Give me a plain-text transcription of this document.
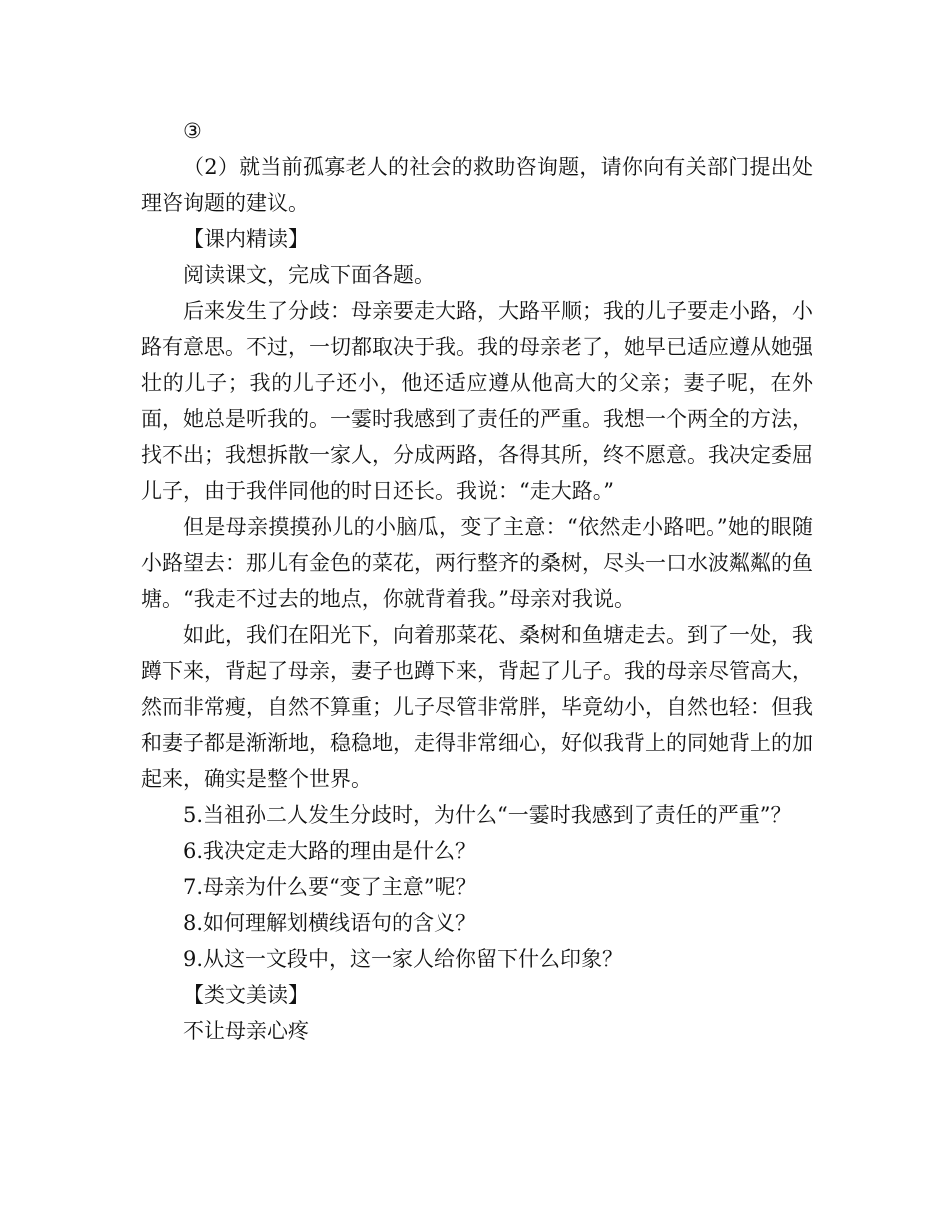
③

（2）就当前孤寡老人的社会的救助咨询题，请你向有关部门提出处理咨询题的建议。

【课内精读】

阅读课文，完成下面各题。

后来发生了分歧：母亲要走大路，大路平顺；我的儿子要走小路，小路有意思。不过，一切都取决于我。我的母亲老了，她早已适应遵从她强壮的儿子；我的儿子还小，他还适应遵从他高大的父亲；妻子呢，在外面，她总是听我的。一霎时我感到了责任的严重。我想一个两全的方法，找不出；我想拆散一家人，分成两路，各得其所，终不愿意。我决定委屈儿子，由于我伴同他的时日还长。我说：“走大路。”

但是母亲摸摸孙儿的小脑瓜，变了主意：“依然走小路吧。”她的眼随小路望去：那儿有金色的菜花，两行整齐的桑树，尽头一口水波粼粼的鱼塘。“我走不过去的地点，你就背着我。”母亲对我说。

如此，我们在阳光下，向着那菜花、桑树和鱼塘走去。到了一处，我蹲下来，背起了母亲，妻子也蹲下来，背起了儿子。我的母亲尽管高大，然而非常瘦，自然不算重；儿子尽管非常胖，毕竟幼小，自然也轻：但我和妻子都是渐渐地，稳稳地，走得非常细心，好似我背上的同她背上的加起来，确实是整个世界。

5.当祖孙二人发生分歧时，为什么“一霎时我感到了责任的严重”？

6.我决定走大路的理由是什么？

7.母亲为什么要“变了主意”呢？

8.如何理解划横线语句的含义？

9.从这一文段中，这一家人给你留下什么印象？

【类文美读】

不让母亲心疼
